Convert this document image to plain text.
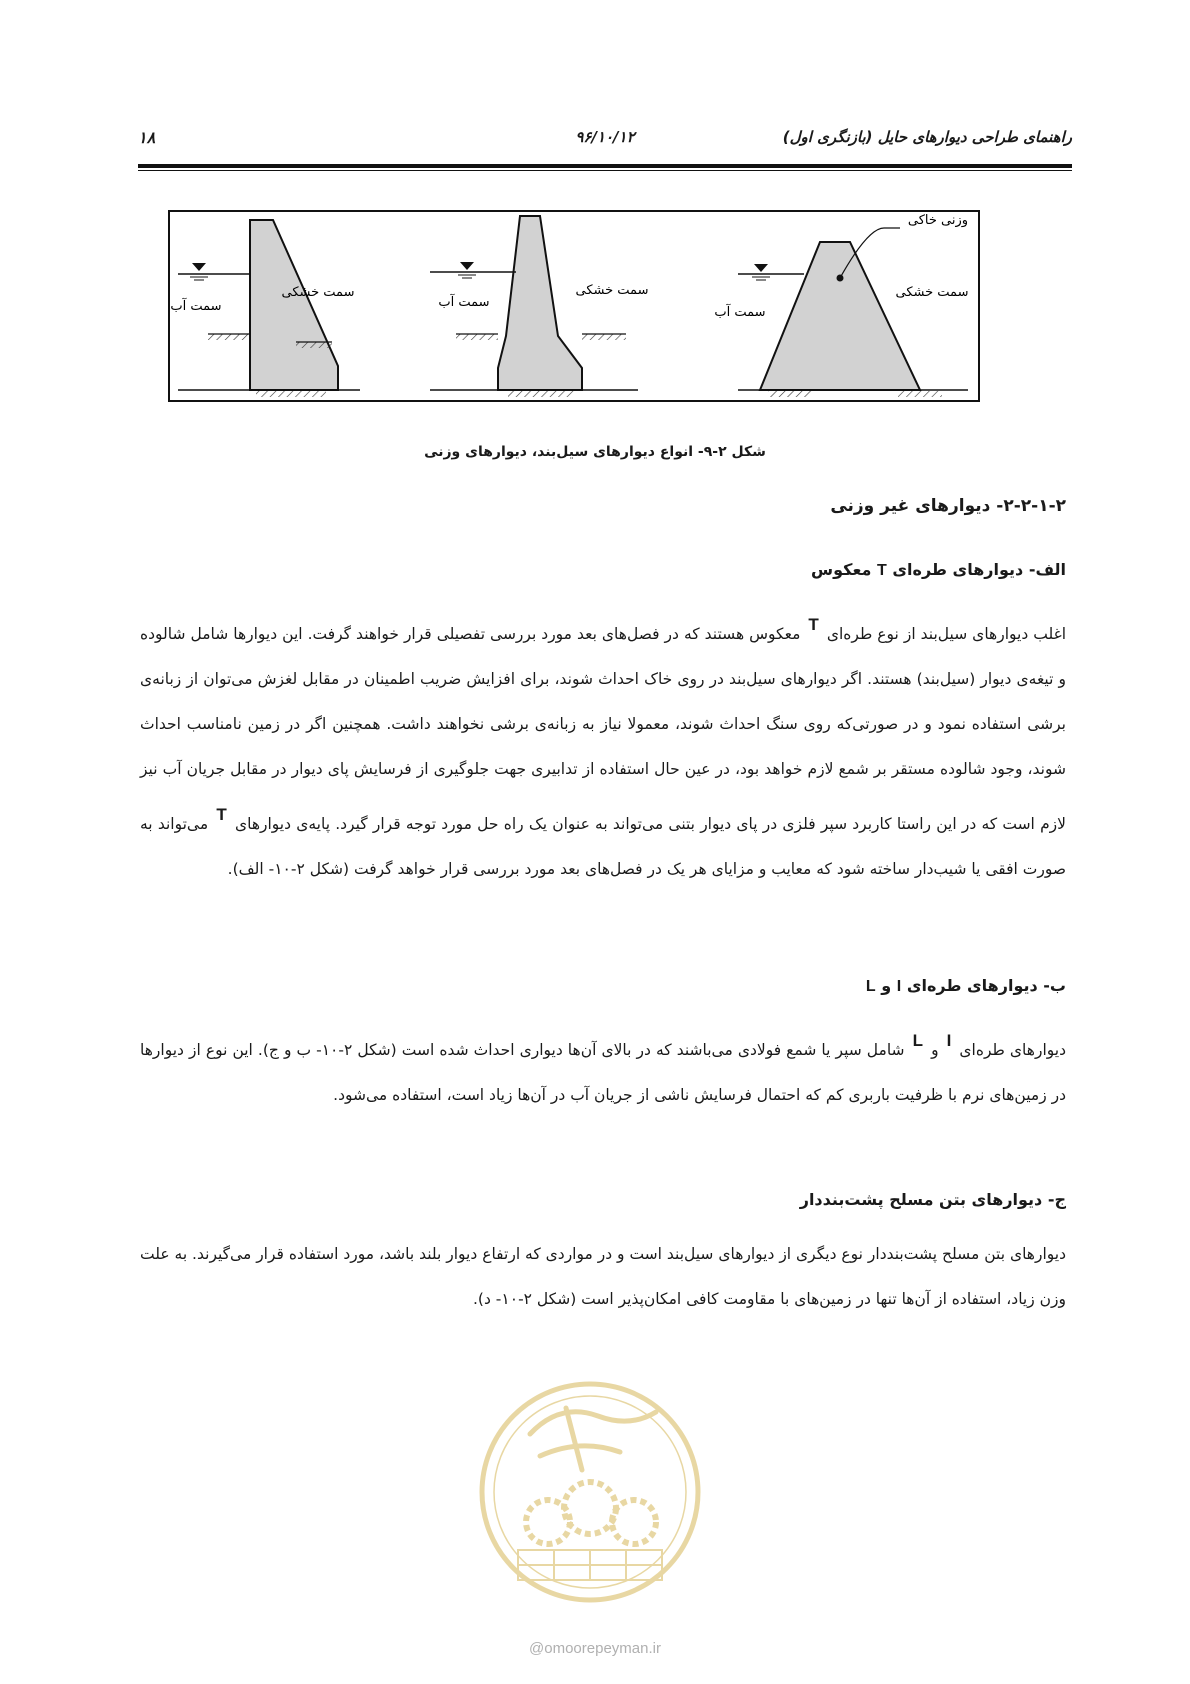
راهنمای طراحی دیوارهای حایل (بازنگری اول)
۹۶/۱۰/۱۲
۱۸
سمت خشکی
سمت آب
سمت خشکی
سمت آب
وزنی خاکی
سمت خشکی
سمت آب
شکل ۲-۹- انواع دیوارهای سیل‌بند، دیوارهای وزنی
۲-۲-۱-۲- دیوارهای غیر وزنی
الف- دیوارهای طره‌ای T معکوس
اغلب دیوارهای سیل‌بند از نوع طره‌ای T معکوس هستند که در فصل‌های بعد مورد بررسی تفصیلی قرار خواهند گرفت. این دیوارها شامل شالوده و تیغه‌ی دیوار (سیل‌بند) هستند. اگر دیوارهای سیل‌بند در روی خاک احداث شوند، برای افزایش ضریب اطمینان در مقابل لغزش می‌توان از زبانه‌ی برشی استفاده نمود و در صورتی‌که روی سنگ احداث شوند، معمولا نیاز به زبانه‌ی برشی نخواهند داشت. همچنین اگر در زمین نامناسب احداث شوند، وجود شالوده مستقر بر شمع لازم خواهد بود، در عین حال استفاده از تدابیری جهت جلوگیری از فرسایش پای دیوار در مقابل جریان آب نیز لازم است که در این راستا کاربرد سپر فلزی در پای دیوار بتنی می‌تواند به عنوان یک راه حل مورد توجه قرار گیرد. پایه‌ی دیوارهای T می‌تواند به صورت افقی یا شیب‌دار ساخته شود که معایب و مزایای هر یک در فصل‌های بعد مورد بررسی قرار خواهد گرفت (شکل ۲-۱۰- الف).
ب- دیوارهای طره‌ای I و L
دیوارهای طره‌ای I و L شامل سپر یا شمع فولادی می‌باشند که در بالای آن‌ها دیواری احداث شده است (شکل ۲-۱۰- ب و ج). این نوع از دیوارها در زمین‌های نرم با ظرفیت باربری کم که احتمال فرسایش ناشی از جریان آب در آن‌ها زیاد است، استفاده می‌شود.
ج- دیوارهای بتن مسلح پشت‌بنددار
دیوارهای بتن مسلح پشت‌بنددار نوع دیگری از دیوارهای سیل‌بند است و در مواردی که ارتفاع دیوار بلند باشد، مورد استفاده قرار می‌گیرند. به علت وزن زیاد، استفاده از آن‌ها تنها در زمین‌های با مقاومت کافی امکان‌پذیر است (شکل ۲-۱۰- د).
@omoorepeyman.ir
